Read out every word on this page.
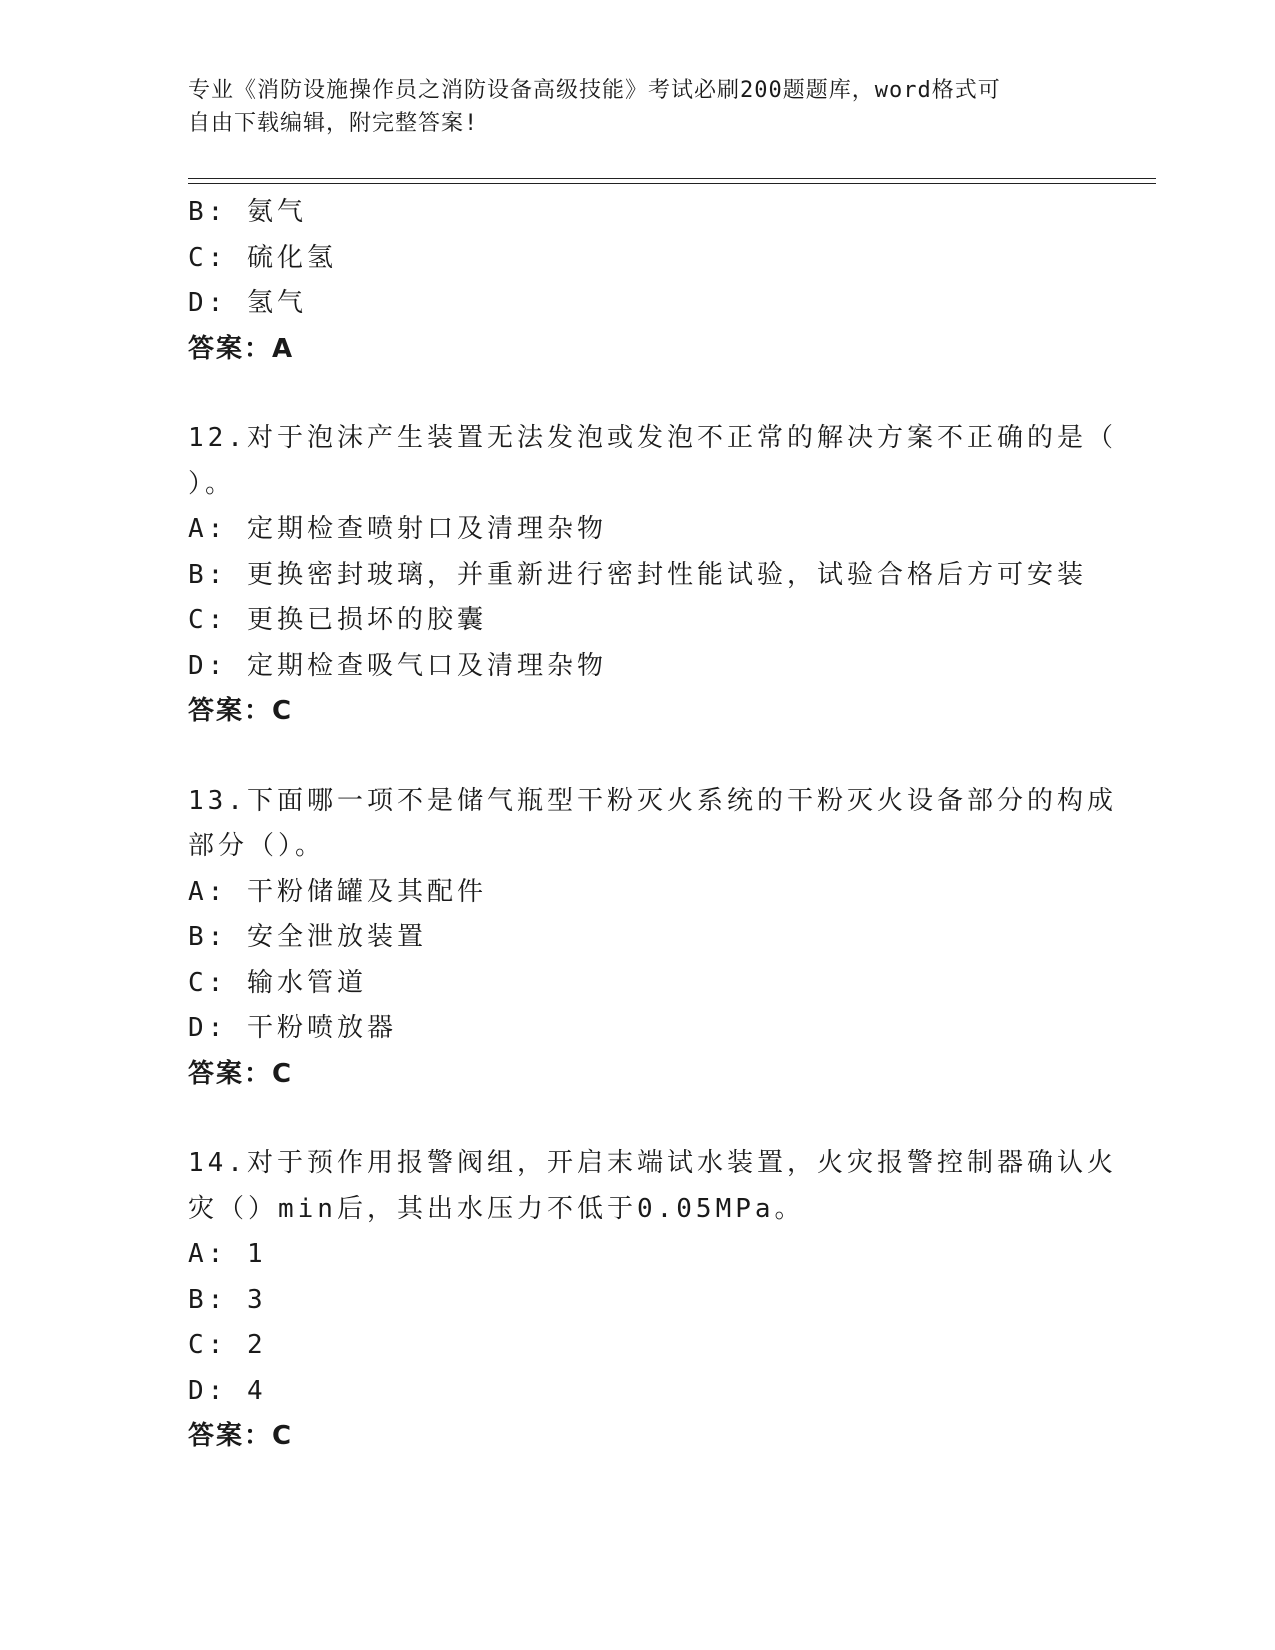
专业《消防设施操作员之消防设备高级技能》考试必刷200题题库，word格式可
自由下载编辑，附完整答案!
B: 氨气
C: 硫化氢
D: 氢气
答案：A
12.对于泡沫产生装置无法发泡或发泡不正常的解决方案不正确的是（
）。
A: 定期检查喷射口及清理杂物
B: 更换密封玻璃，并重新进行密封性能试验，试验合格后方可安装
C: 更换已损坏的胶囊
D: 定期检查吸气口及清理杂物
答案：C
13.下面哪一项不是储气瓶型干粉灭火系统的干粉灭火设备部分的构成
部分（）。
A: 干粉储罐及其配件
B: 安全泄放装置
C: 输水管道
D: 干粉喷放器
答案：C
14.对于预作用报警阀组，开启末端试水装置，火灾报警控制器确认火
灾（）min后，其出水压力不低于0.05MPa。
A: 1
B: 3
C: 2
D: 4
答案：C
